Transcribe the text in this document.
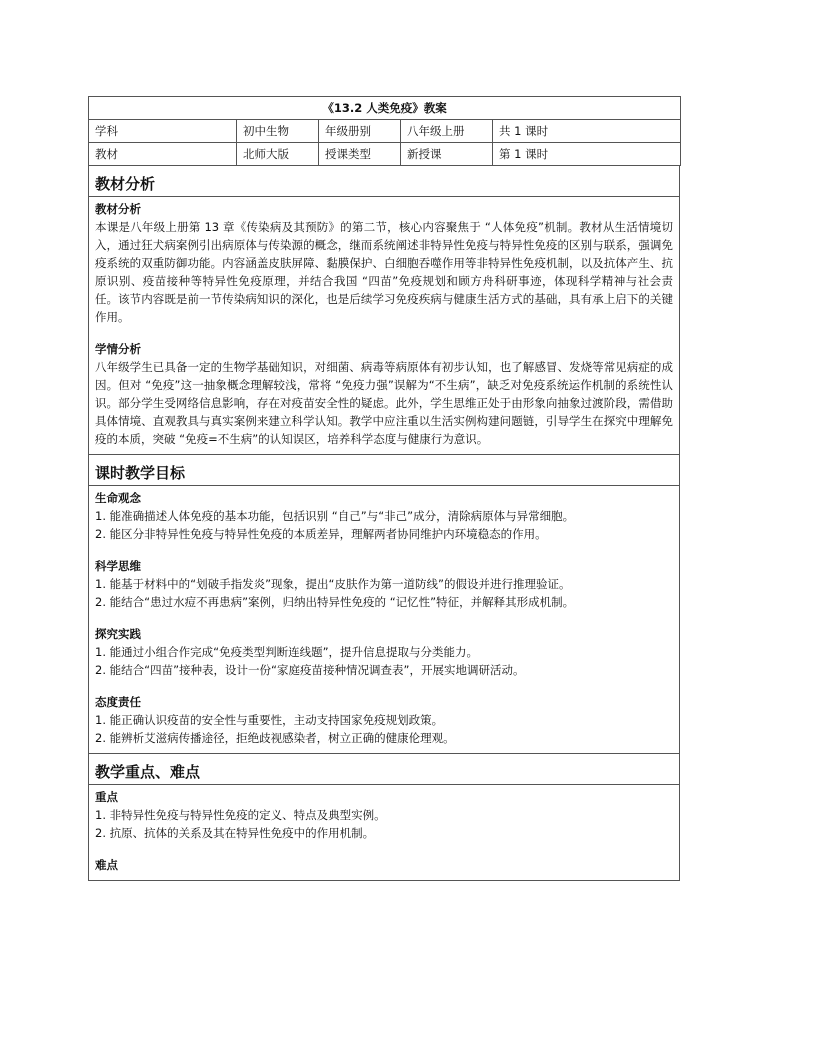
《13.2 人类免疫》教案				
学科	初中生物	年级册别	八年级上册	共 1 课时
教材	北师大版	授课类型	新授课	第 1 课时
教材分析
教材分析

本课是八年级上册第 13 章《传染病及其预防》的第二节，核心内容聚焦于 “人体免疫”机制。教材从生活情境切入，通过狂犬病案例引出病原体与传染源的概念，继而系统阐述非特异性免疫与特异性免疫的区别与联系，强调免疫系统的双重防御功能。内容涵盖皮肤屏障、黏膜保护、白细胞吞噬作用等非特异性免疫机制，以及抗体产生、抗原识别、疫苗接种等特异性免疫原理，并结合我国 “四苗”免疫规划和顾方舟科研事迹，体现科学精神与社会责任。该节内容既是前一节传染病知识的深化，也是后续学习免疫疾病与健康生活方式的基础，具有承上启下的关键作用。

学情分析

八年级学生已具备一定的生物学基础知识，对细菌、病毒等病原体有初步认知，也了解感冒、发烧等常见病症的成因。但对 “免疫”这一抽象概念理解较浅，常将 “免疫力强”误解为“不生病”，缺乏对免疫系统运作机制的系统性认识。部分学生受网络信息影响，存在对疫苗安全性的疑虑。此外，学生思维正处于由形象向抽象过渡阶段，需借助具体情境、直观教具与真实案例来建立科学认知。教学中应注重以生活实例构建问题链，引导学生在探究中理解免疫的本质，突破 “免疫=不生病”的认知误区，培养科学态度与健康行为意识。

课时教学目标
生命观念

1. 能准确描述人体免疫的基本功能，包括识别 “自己”与“非己”成分，清除病原体与异常细胞。

2. 能区分非特异性免疫与特异性免疫的本质差异，理解两者协同维护内环境稳态的作用。

科学思维

1. 能基于材料中的“划破手指发炎”现象，提出“皮肤作为第一道防线”的假设并进行推理验证。

2. 能结合“患过水痘不再患病”案例，归纳出特异性免疫的 “记忆性”特征，并解释其形成机制。

探究实践

1. 能通过小组合作完成“免疫类型判断连线题”，提升信息提取与分类能力。

2. 能结合“四苗”接种表，设计一份“家庭疫苗接种情况调查表”，开展实地调研活动。

态度责任

1. 能正确认识疫苗的安全性与重要性，主动支持国家免疫规划政策。

2. 能辨析艾滋病传播途径，拒绝歧视感染者，树立正确的健康伦理观。

教学重点、难点
重点

1. 非特异性免疫与特异性免疫的定义、特点及典型实例。

2. 抗原、抗体的关系及其在特异性免疫中的作用机制。

难点
